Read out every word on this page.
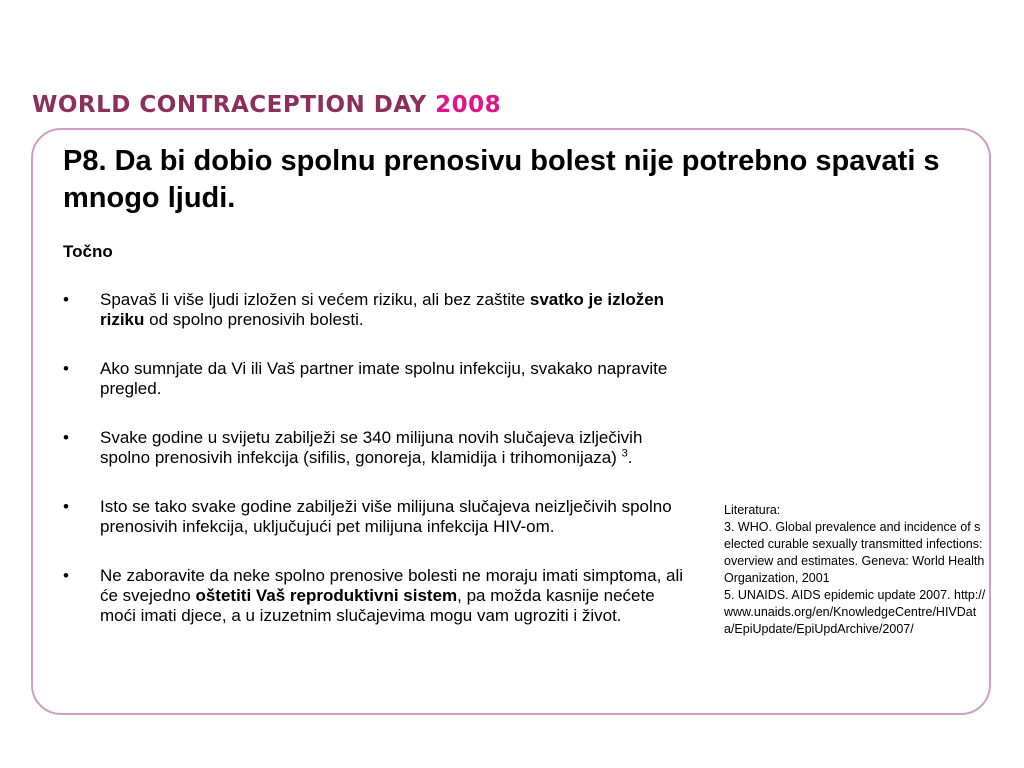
WORLD CONTRACEPTION DAY 2008
P8. Da bi dobio spolnu prenosivu bolest nije potrebno spavati s mnogo ljudi.
Točno
• Spavaš li više ljudi izložen si većem riziku, ali bez zaštite svatko je izložen riziku od spolno prenosivih bolesti.
• Ako sumnjate da Vi ili Vaš partner imate spolnu infekciju, svakako napravite pregled.
• Svake godine u svijetu zabilježi se 340 milijuna novih slučajeva izlječivih spolno prenosivih infekcija (sifilis, gonoreja, klamidija i trihomonijaza) $^3$.
• Isto se tako svake godine zabilježi više milijuna slučajeva neizlječivih spolno prenosivih infekcija, uključujući pet milijuna infekcija HIV-om.
• Ne zaboravite da neke spolno prenosive bolesti ne moraju imati simptoma, ali će svejedno oštetiti Vaš reproduktivni sistem, pa možda kasnije nećete moći imati djece, a u izuzetnim slučajevima mogu vam ugroziti i život.
Literatura:
3. WHO. Global prevalence and incidence of selected curable sexually transmitted infections: overview and estimates. Geneva: World Health Organization, 2001
5. UNAIDS. AIDS epidemic update 2007. http://www.unaids.org/en/KnowledgeCentre/HIVData/EpiUpdate/EpiUpdArchive/2007/
